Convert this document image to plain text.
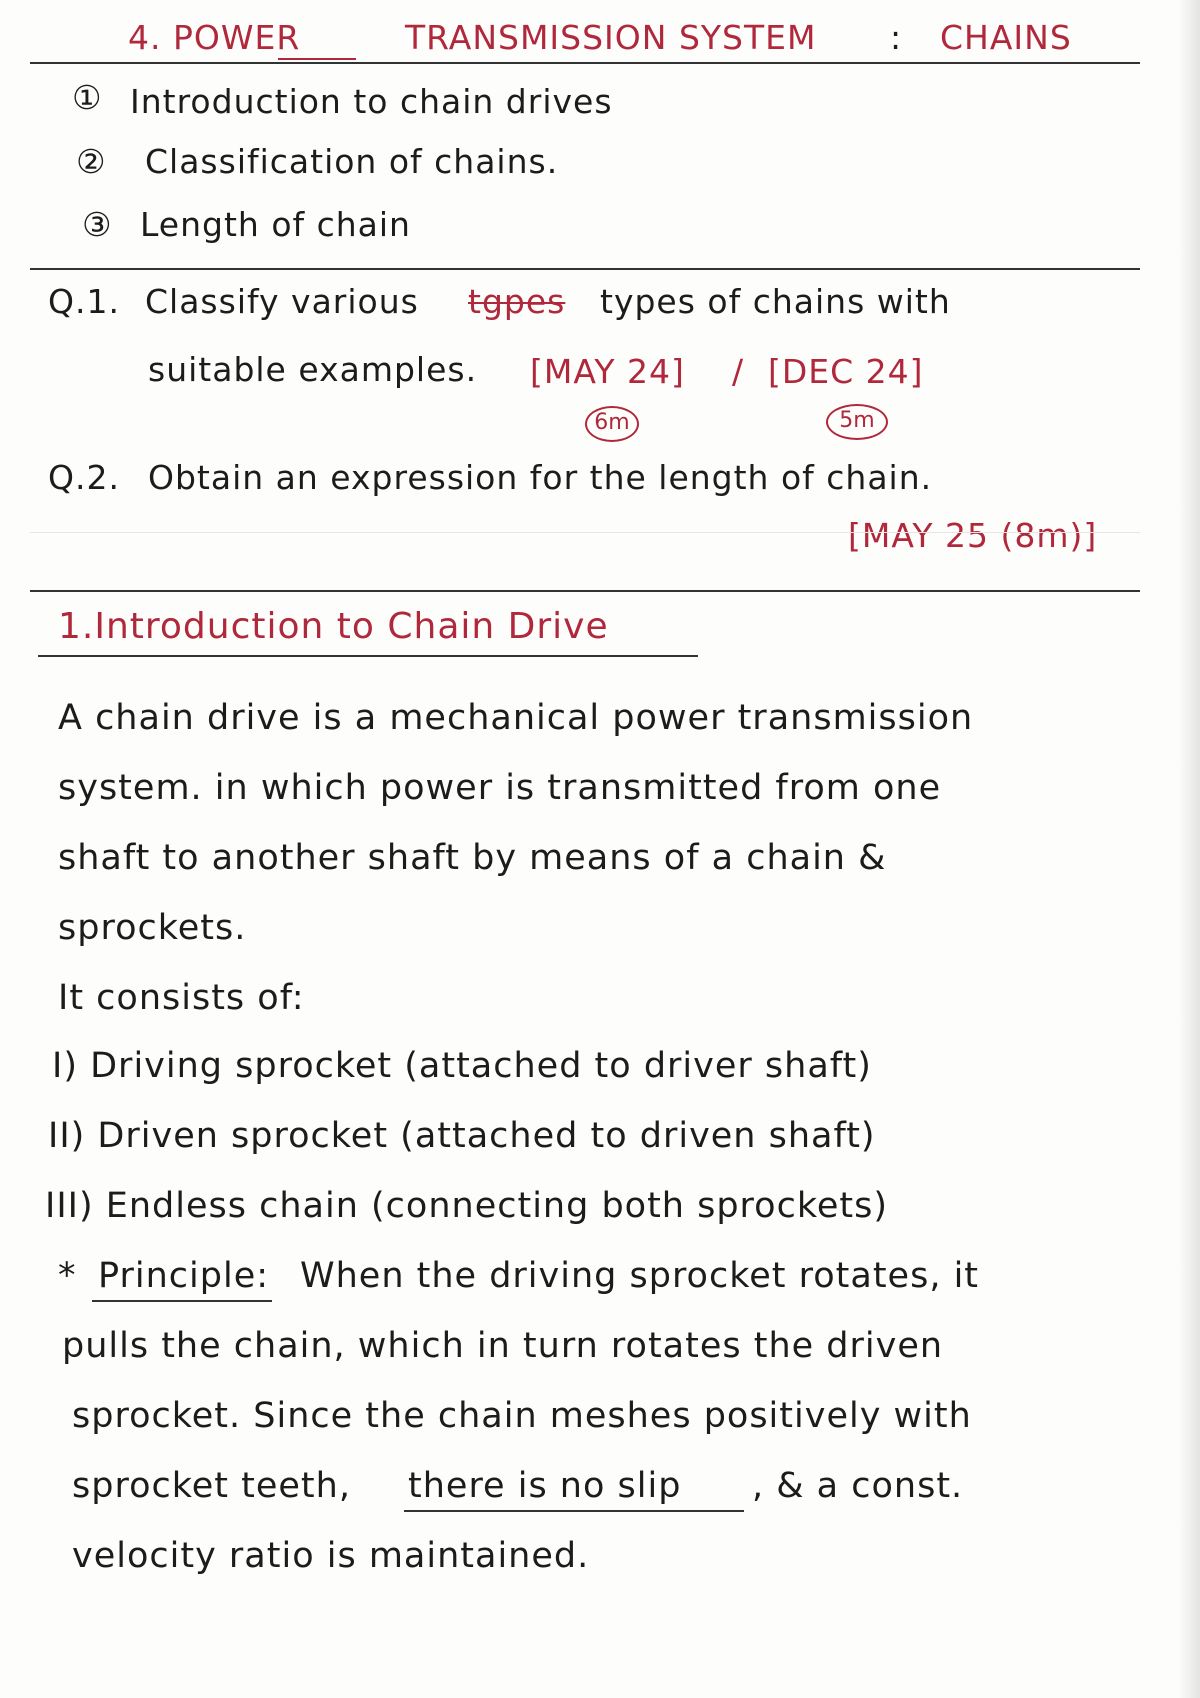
4. POWER	TRANSMISSION SYSTEM : CHAINS
① Introduction to chain drives
② Classification of chains.
③ Length of chain
Q.1. Classify various tgpes types of chains with
suitable examples. [MAY 24] / [DEC 24]
6m	5m
Q.2. Obtain an expression for the length of chain.
[MAY 25 (8m)]
1.Introduction to Chain Drive
A chain drive is a mechanical power transmission
system. in which power is transmitted from one
shaft to another shaft by means of a chain &
sprockets.
It consists of:
I) Driving sprocket (attached to driver shaft)
II) Driven sprocket (attached to driven shaft)
III) Endless chain (connecting both sprockets)
* Principle: When the driving sprocket rotates, it
pulls the chain, which in turn rotates the driven
sprocket. Since the chain meshes positively with
sprocket teeth, there is no slip , & a const.
velocity ratio is maintained.
